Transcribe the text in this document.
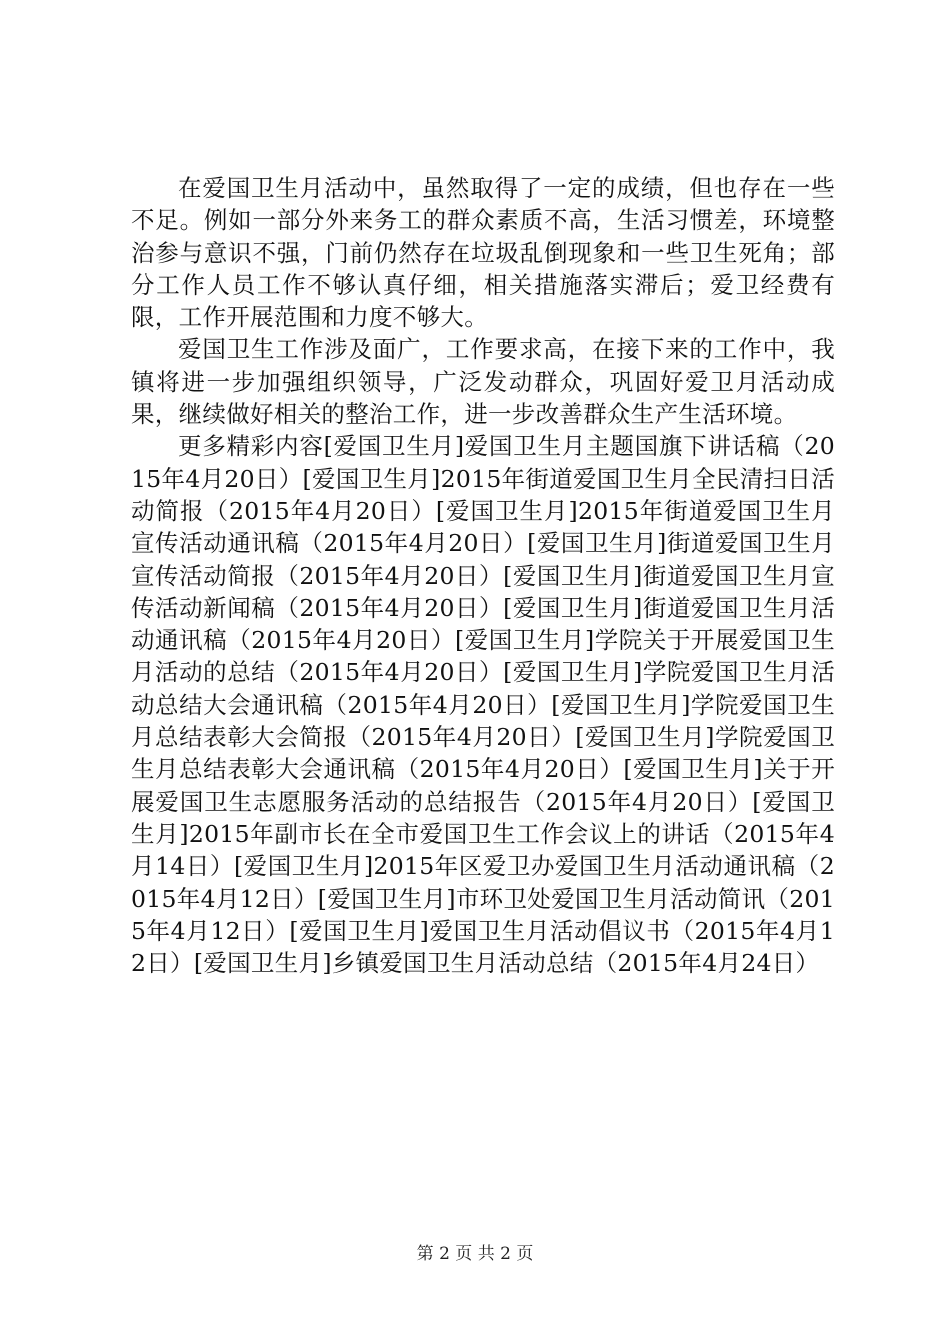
在爱国卫生月活动中，虽然取得了一定的成绩，但也存在一些不足。例如一部分外来务工的群众素质不高，生活习惯差，环境整治参与意识不强，门前仍然存在垃圾乱倒现象和一些卫生死角；部分工作人员工作不够认真仔细，相关措施落实滞后；爱卫经费有限，工作开展范围和力度不够大。

爱国卫生工作涉及面广，工作要求高，在接下来的工作中，我镇将进一步加强组织领导，广泛发动群众，巩固好爱卫月活动成果，继续做好相关的整治工作，进一步改善群众生产生活环境。

更多精彩内容[爱国卫生月]爱国卫生月主题国旗下讲话稿（2015年4月20日）[爱国卫生月]2015年街道爱国卫生月全民清扫日活动简报（2015年4月20日）[爱国卫生月]2015年街道爱国卫生月宣传活动通讯稿（2015年4月20日）[爱国卫生月]街道爱国卫生月宣传活动简报（2015年4月20日）[爱国卫生月]街道爱国卫生月宣传活动新闻稿（2015年4月20日）[爱国卫生月]街道爱国卫生月活动通讯稿（2015年4月20日）[爱国卫生月]学院关于开展爱国卫生月活动的总结（2015年4月20日）[爱国卫生月]学院爱国卫生月活动总结大会通讯稿（2015年4月20日）[爱国卫生月]学院爱国卫生月总结表彰大会简报（2015年4月20日）[爱国卫生月]学院爱国卫生月总结表彰大会通讯稿（2015年4月20日）[爱国卫生月]关于开展爱国卫生志愿服务活动的总结报告（2015年4月20日）[爱国卫生月]2015年副市长在全市爱国卫生工作会议上的讲话（2015年4月14日）[爱国卫生月]2015年区爱卫办爱国卫生月活动通讯稿（2015年4月12日）[爱国卫生月]市环卫处爱国卫生月活动简讯（2015年4月12日）[爱国卫生月]爱国卫生月活动倡议书（2015年4月12日）[爱国卫生月]乡镇爱国卫生月活动总结（2015年4月24日）

第 2 页 共 2 页
